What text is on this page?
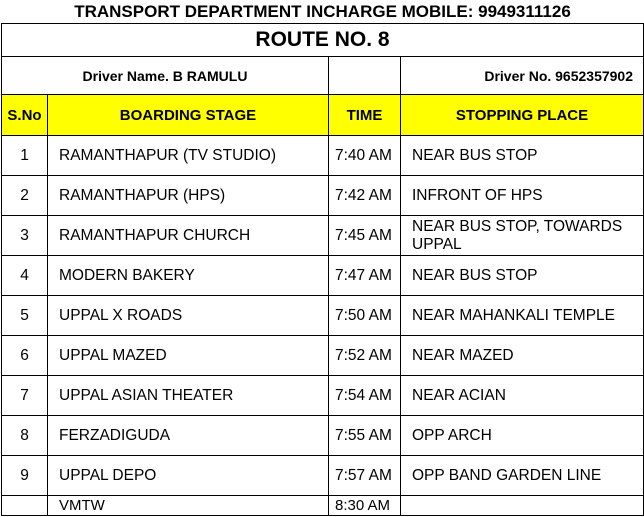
TRANSPORT DEPARTMENT INCHARGE MOBILE: 9949311126			
ROUTE NO. 8			
Driver Name. B RAMULU			Driver No. 9652357902
S.No	BOARDING STAGE	TIME	STOPPING PLACE
1	RAMANTHAPUR (TV STUDIO)	7:40 AM	NEAR BUS STOP
2	RAMANTHAPUR (HPS)	7:42 AM	INFRONT OF HPS
3	RAMANTHAPUR CHURCH	7:45 AM	NEAR BUS STOP, TOWARDS UPPAL
4	MODERN BAKERY	7:47 AM	NEAR BUS STOP
5	UPPAL X ROADS	7:50 AM	NEAR MAHANKALI TEMPLE
6	UPPAL MAZED	7:52 AM	NEAR MAZED
7	UPPAL ASIAN THEATER	7:54 AM	NEAR ACIAN
8	FERZADIGUDA	7:55 AM	OPP ARCH
9	UPPAL DEPO	7:57 AM	OPP BAND GARDEN LINE
	VMTW	8:30 AM	
